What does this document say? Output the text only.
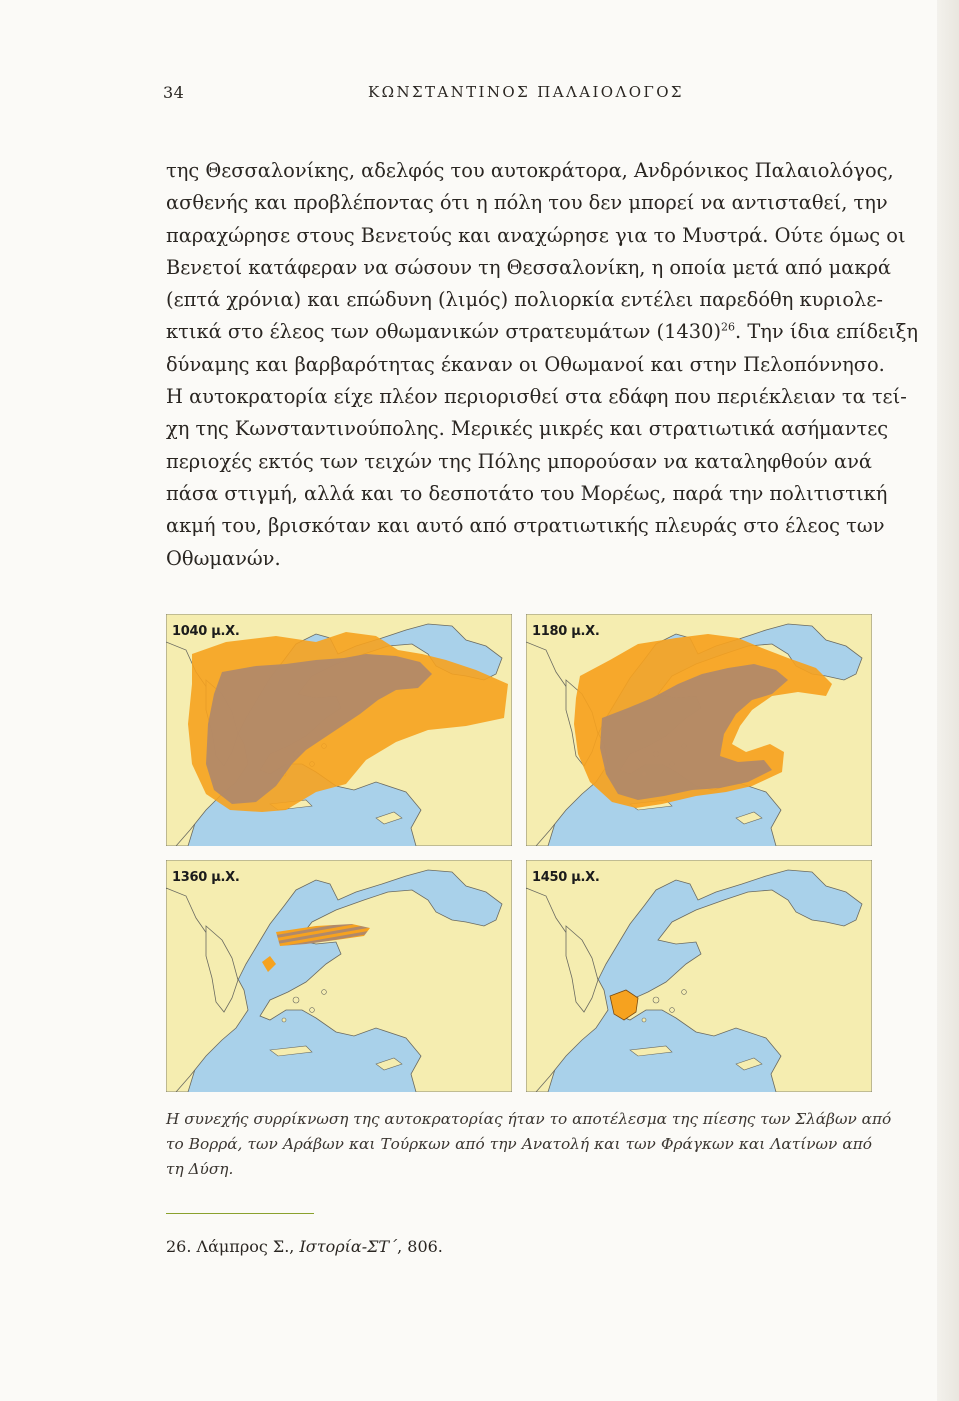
34	ΚΩΝΣΤΑΝΤΙΝΟΣ ΠΑΛΑΙΟΛΟΓΟΣ
της Θεσσαλονίκης, αδελφός του αυτοκράτορα, Ανδρόνικος Παλαιολόγος,
ασθενής και προβλέποντας ότι η πόλη του δεν μπορεί να αντισταθεί, την
παραχώρησε στους Βενετούς και αναχώρησε για το Μυστρά. Ούτε όμως οι
Βενετοί κατάφεραν να σώσουν τη Θεσσαλονίκη, η οποία μετά από μακρά
(επτά χρόνια) και επώδυνη (λιμός) πολιορκία εντέλει παρεδόθη κυριολε-
κτικά στο έλεος των οθωμανικών στρατευμάτων $(1430)^{26}$. Την ίδια επίδειξη
δύναμης και βαρβαρότητας έκαναν οι Οθωμανοί και στην Πελοπόννησο.
Η αυτοκρατορία είχε πλέον περιορισθεί στα εδάφη που περιέκλειαν τα τεί-
χη της Κωνσταντινούπολης. Μερικές μικρές και στρατιωτικά ασήμαντες
περιοχές εκτός των τειχών της Πόλης μπορούσαν να καταληφθούν ανά
πάσα στιγμή, αλλά και το δεσποτάτο του Μορέως, παρά την πολιτιστική
ακμή του, βρισκόταν και αυτό από στρατιωτικής πλευράς στο έλεος των
Οθωμανών.
1040 μ.Χ.	1180 μ.Χ.
1360 μ.Χ.	1450 μ.Χ.
Η συνεχής συρρίκνωση της αυτοκρατορίας ήταν το αποτέλεσμα της πίεσης των Σλάβων από
το Βορρά, των Αράβων και Τούρκων από την Ανατολή και των Φράγκων και Λατίνων από
τη Δύση.
26. Λάμπρος Σ., Ιστορία-ΣΤ΄, 806.
